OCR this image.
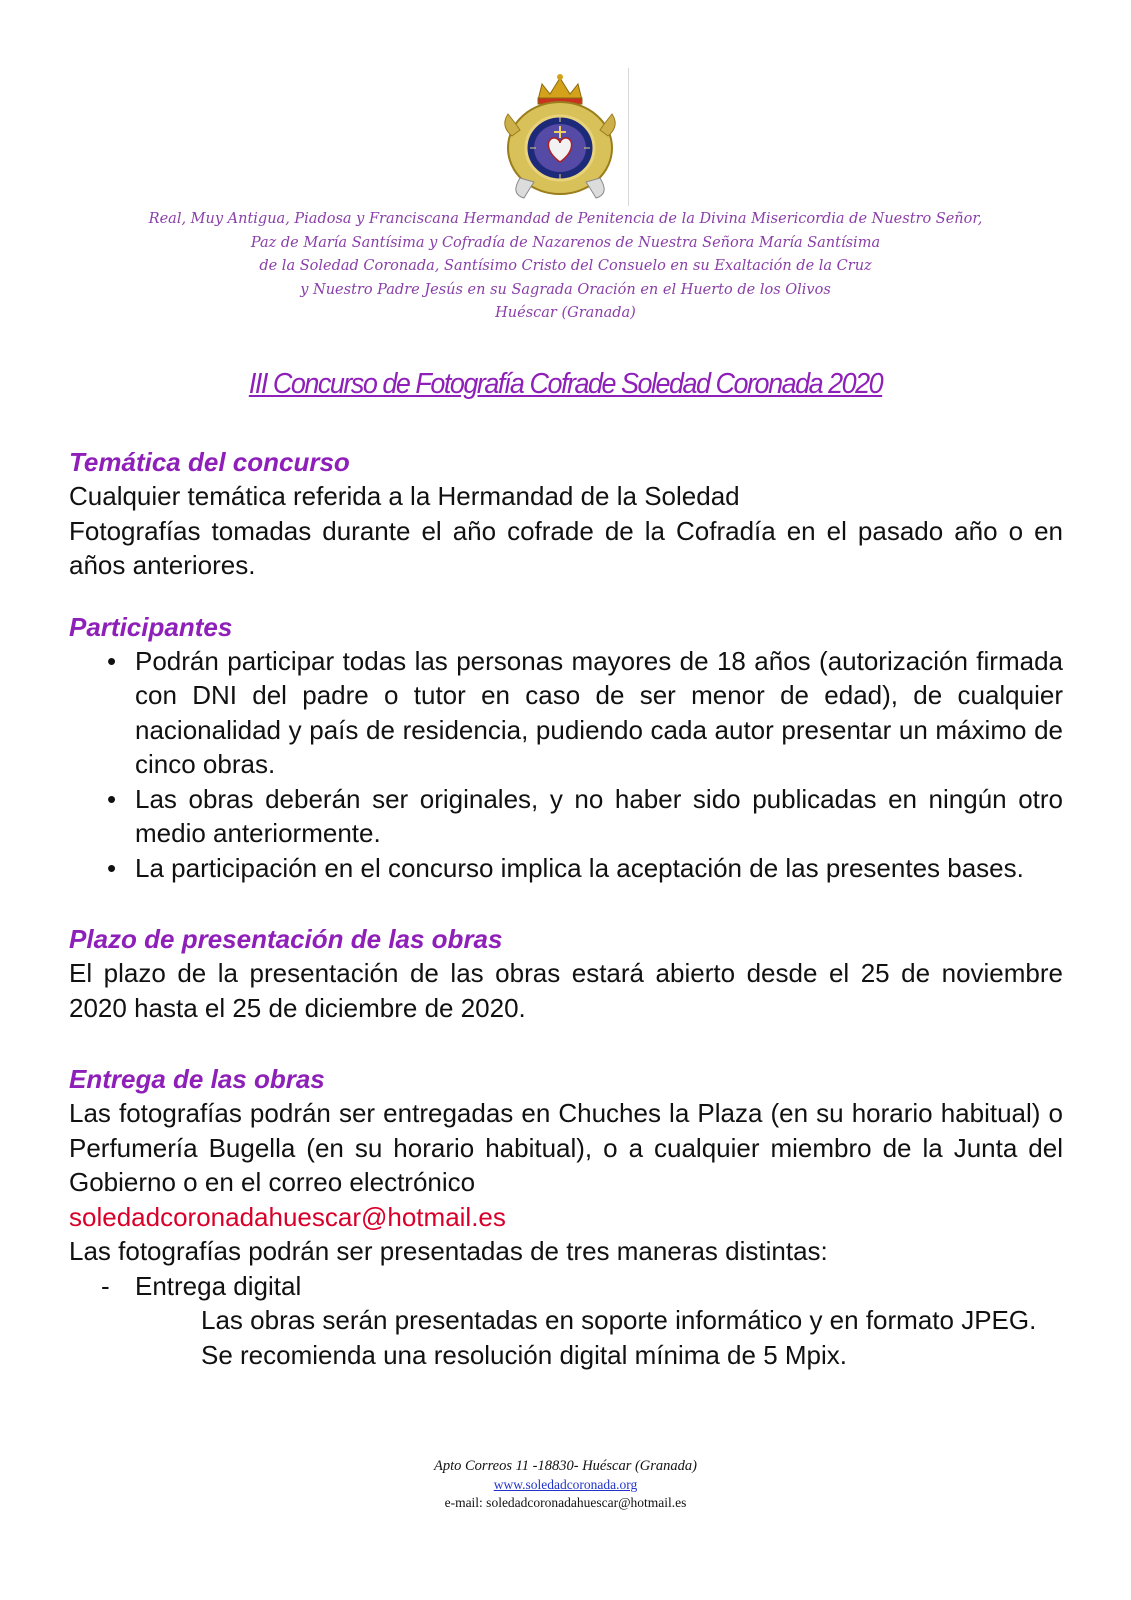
Real, Muy Antigua, Piadosa y Franciscana Hermandad de Penitencia de la Divina Misericordia de Nuestro Señor,
Paz de María Santísima y Cofradía de Nazarenos de Nuestra Señora María Santísima
de la Soledad Coronada, Santísimo Cristo del Consuelo en su Exaltación de la Cruz
y Nuestro Padre Jesús en su Sagrada Oración en el Huerto de los Olivos
Huéscar (Granada)
III Concurso de Fotografía Cofrade Soledad Coronada 2020

Temática del concurso

Cualquier temática referida a la Hermandad de la Soledad

Fotografías tomadas durante el año cofrade de la Cofradía en el pasado año o en años anteriores.

Participantes

• Podrán participar todas las personas mayores de 18 años (autorización firmada con DNI del padre o tutor en caso de ser menor de edad), de cualquier nacionalidad y país de residencia, pudiendo cada autor presentar un máximo de cinco obras.
• Las obras deberán ser originales, y no haber sido publicadas en ningún otro medio anteriormente.
• La participación en el concurso implica la aceptación de las presentes bases.

Plazo de presentación de las obras

El plazo de la presentación de las obras estará abierto desde el 25 de noviembre 2020 hasta el 25 de diciembre de 2020.

Entrega de las obras

Las fotografías podrán ser entregadas en Chuches la Plaza (en su horario habitual) o Perfumería Bugella (en su horario habitual), o a cualquier miembro de la Junta del Gobierno o en el correo electrónico

soledadcoronadahuescar@hotmail.es

Las fotografías podrán ser presentadas de tres maneras distintas:

- Entrega digital

Las obras serán presentadas en soporte informático y en formato JPEG.

Se recomienda una resolución digital mínima de 5 Mpix.

Apto Correos 11 -18830- Huéscar (Granada)
www.soledadcoronada.org
e-mail: soledadcoronadahuescar@hotmail.es
